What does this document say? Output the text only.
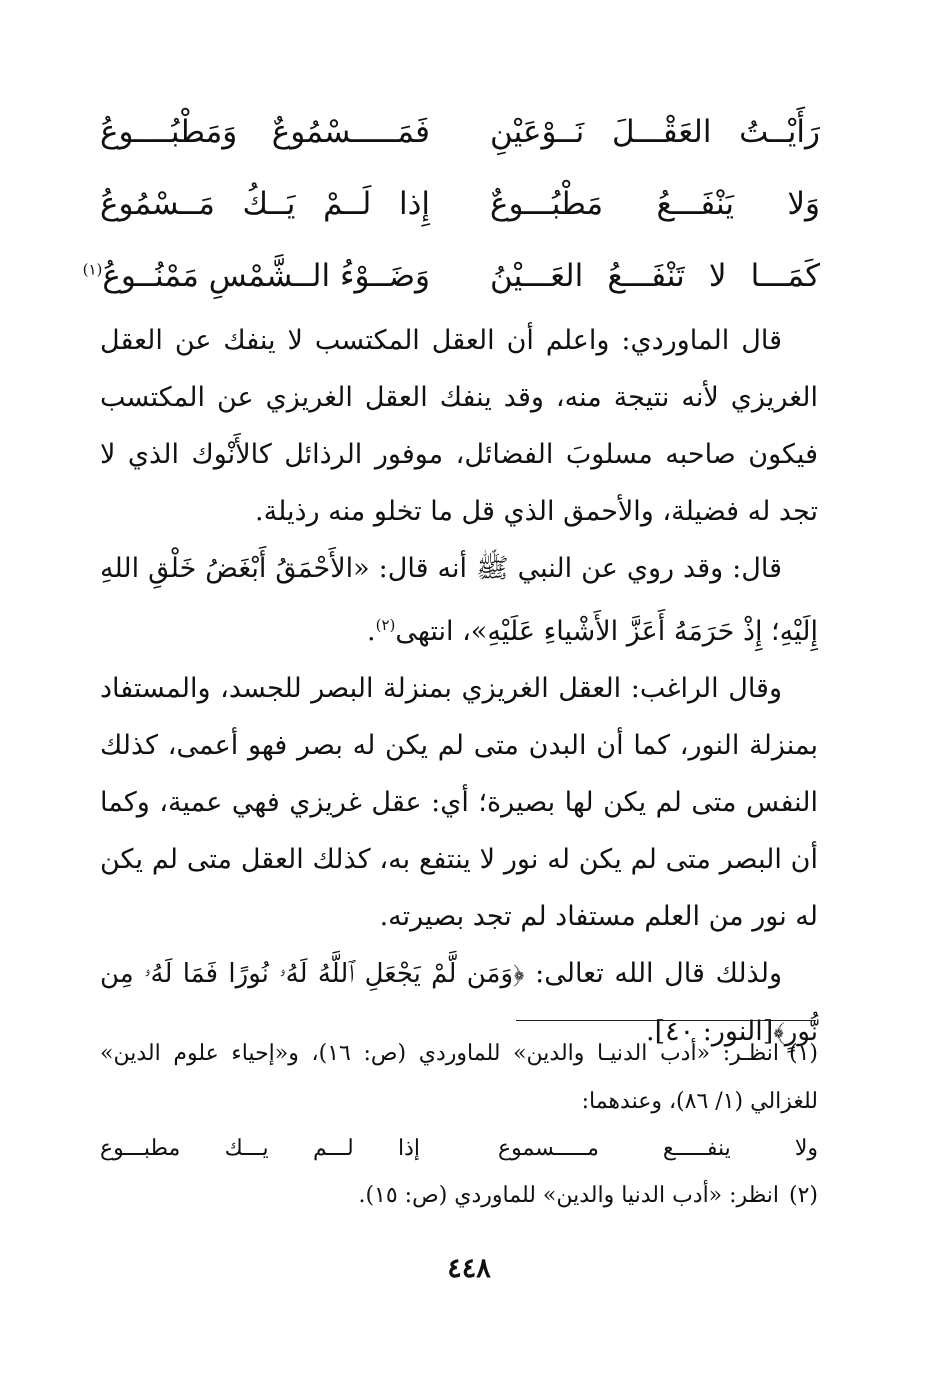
رَأَيْــتُ العَقْـــلَ نَــوْعَيْنِ
فَمَـــــسْمُوعٌ وَمَطْبُــــوعُ
وَلا يَنْفَـــعُ مَطْبُـــوعٌ
إِذا لَــمْ يَــكُ مَــسْمُوعُ
كَمَـــا لا تَنْفَـــعُ العَـــيْنُ
وَضَــوْءُ الــشَّمْسِ مَمْنُــوعُ$^{(١)}$

قال الماوردي: واعلم أن العقل المكتسب لا ينفك عن العقل الغريزي لأنه نتيجة منه، وقد ينفك العقل الغريزي عن المكتسب فيكون صاحبه مسلوبَ الفضائل، موفور الرذائل كالأَنْوك الذي لا تجد له فضيلة، والأحمق الذي قل ما تخلو منه رذيلة.

قال: وقد روي عن النبي ﷺ أنه قال: «الأَحْمَقُ أَبْغَضُ خَلْقِ اللهِ إِلَيْهِ؛ إِذْ حَرَمَهُ أَعَزَّ الأَشْياءِ عَلَيْهِ»، انتهى$^{(٢)}$.

وقال الراغب: العقل الغريزي بمنزلة البصر للجسد، والمستفاد بمنزلة النور، كما أن البدن متى لم يكن له بصر فهو أعمى، كذلك النفس متى لم يكن لها بصيرة؛ أي: عقل غريزي فهي عمية، وكما أن البصر متى لم يكن له نور لا ينتفع به، كذلك العقل متى لم يكن له نور من العلم مستفاد لم تجد بصيرته.

ولذلك قال الله تعالى: ﴿وَمَن لَّمْ يَجْعَلِ ٱللَّهُ لَهُۥ نُورًا فَمَا لَهُۥ مِن نُّورٍ﴾[النور: ٤٠].

(١)انظـر: «أدب الدنيـا والدين» للماوردي (ص: ١٦)، و«إحياء علوم الدين» للغزالي (١/ ٨٦)، وعندهما:

ولا ينفـــــع مـــــسموع
إذا لـــم يـــك مطبـــوع

(٢)انظر: «أدب الدنيا والدين» للماوردي (ص: ١٥).

٤٤٨
